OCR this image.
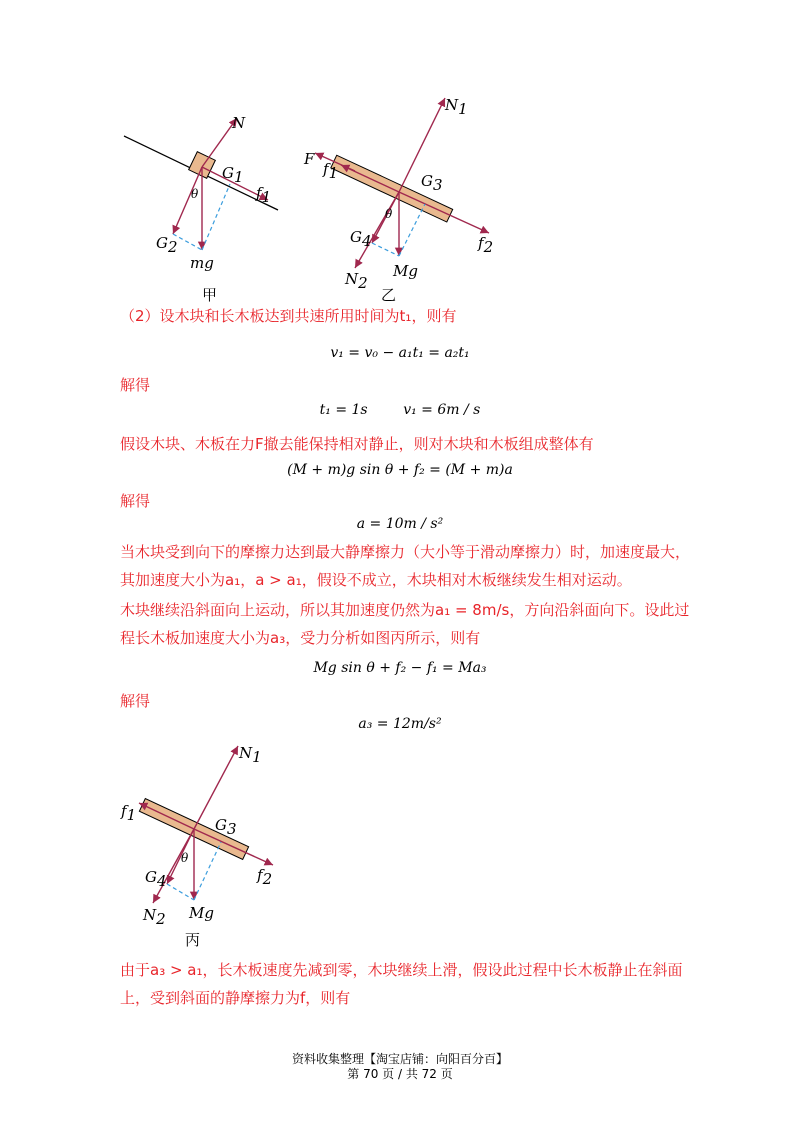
N
G1
f1
θ
G2
mg
甲
N1
F
f1	G3
θ
G4	f2
Mg
N2
乙

（2）设木块和长木板达到共速所用时间为t₁，则有

v₁ = v₀ − a₁t₁ = a₂t₁
解得
t₁ = 1s        v₁ = 6m / s

假设木块、木板在力F撤去能保持相对静止，则对木块和木板组成整体有

(M + m)g sin θ + f₂ = (M + m)a
解得
a = 10m / s²

当木块受到向下的摩擦力达到最大静摩擦力（大小等于滑动摩擦力）时，加速度最大，其加速度大小为a₁，a > a₁，假设不成立，木块相对木板继续发生相对运动。

木块继续沿斜面向上运动，所以其加速度仍然为a₁ = 8m/s，方向沿斜面向下。设此过程长木板加速度大小为a₃，受力分析如图丙所示，则有

Mg sin θ + f₂ − f₁ = Ma₃
解得
a₃ = 12m/s²
N1
f1
G3
θ
G4	f2
Mg
N2
丙

由于a₃ > a₁，长木板速度先减到零，木块继续上滑，假设此过程中长木板静止在斜面上，受到斜面的静摩擦力为f，则有

资料收集整理【淘宝店铺：向阳百分百】
第 70 页 / 共 72 页
